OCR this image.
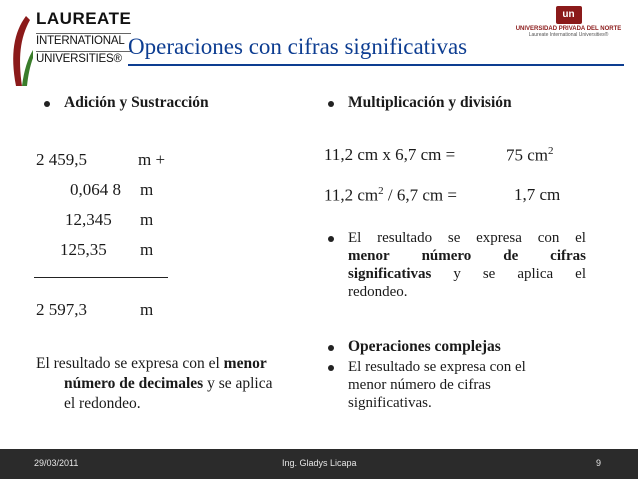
LAUREATE
INTERNATIONAL
UNIVERSITIES®
un
UNIVERSIDAD PRIVADA DEL NORTE
Laureate International Universities®
Operaciones con cifras significativas
Adición y Sustracción
2 459,5	m +
0,064 8 m
12,345 m
125,35 m
2 597,3	m
El resultado se expresa con el menor
número de decimales y se aplica
el redondeo.
Multiplicación y división
11,2 cm x 6,7 cm =	75 $cm^2$
11,2 $cm^2 / 6,7$ cm =	1,7 cm
El resultado se expresa con el
menor número de cifras
significativas y se aplica el
redondeo.
Operaciones complejas
El resultado se expresa con el
menor número de cifras
significativas.
29/03/2011	Ing. Gladys Licapa	9
